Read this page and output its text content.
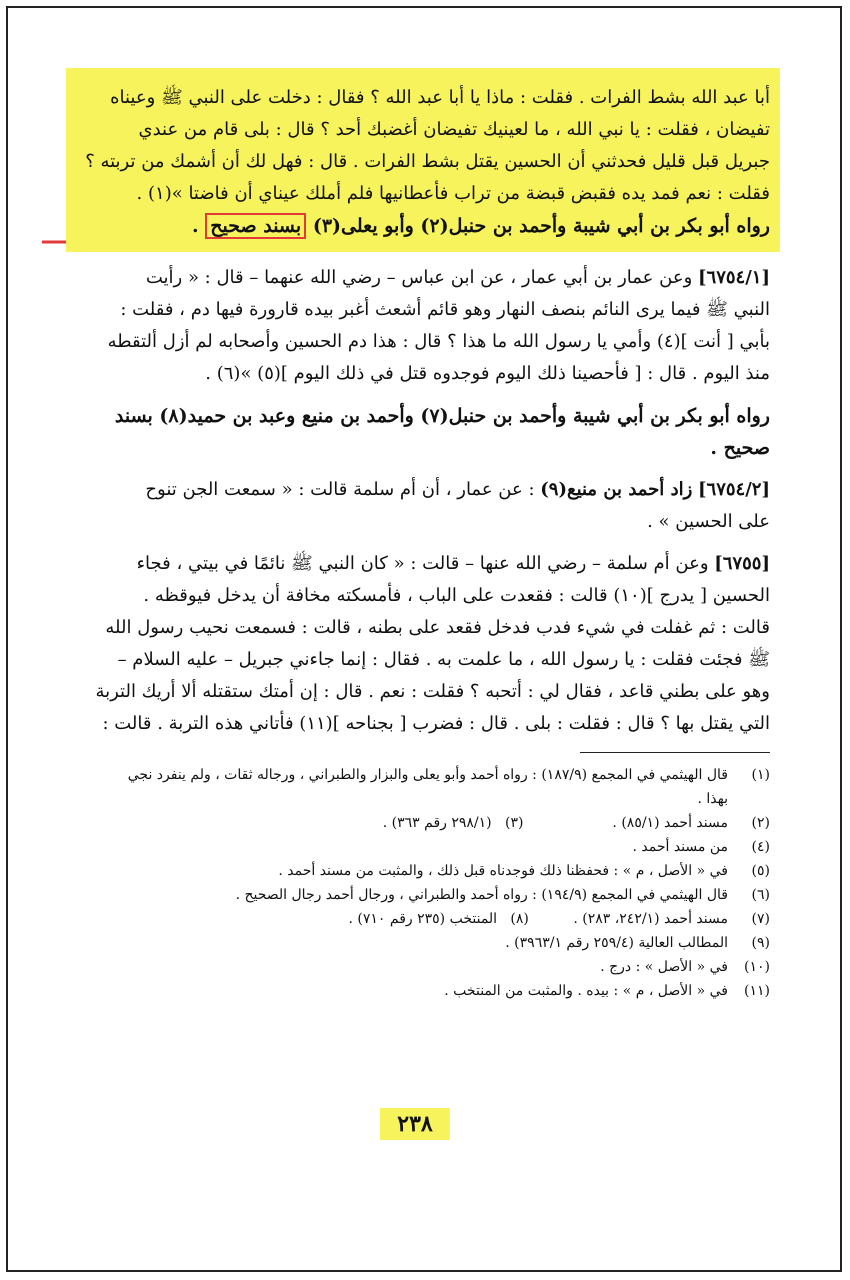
أبا عبد الله بشط الفرات . فقلت : ماذا يا أبا عبد الله ؟ فقال : دخلت على النبي ﷺ وعيناه

تفيضان ، فقلت : يا نبي الله ، ما لعينيك تفيضان أغضبك أحد ؟ قال : بلى قام من عندي

جبريل قبل قليل فحدثني أن الحسين يقتل بشط الفرات . قال : فهل لك أن أشمك من تربته ؟

فقلت : نعم فمد يده فقبض قبضة من تراب فأعطانيها فلم أملك عيناي أن فاضتا »(١) .

رواه أبو بكر بن أبي شيبة وأحمد بن حنبل(٢) وأبو يعلى(٣) بسند صحيح .

[٦٧٥٤/١] وعن عمار بن أبي عمار ، عن ابن عباس – رضي الله عنهما – قال : « رأيت

النبي ﷺ فيما يرى النائم بنصف النهار وهو قائم أشعث أغبر بيده قارورة فيها دم ، فقلت :

بأبي [ أنت ](٤) وأمي يا رسول الله ما هذا ؟ قال : هذا دم الحسين وأصحابه لم أزل ألتقطه

منذ اليوم . قال : [ فأحصينا ذلك اليوم فوجدوه قتل في ذلك اليوم ](٥) »(٦) .

رواه أبو بكر بن أبي شيبة وأحمد بن حنبل(٧) وأحمد بن منيع وعبد بن حميد(٨) بسند

صحيح .

[٦٧٥٤/٢] زاد أحمد بن منيع(٩) : عن عمار ، أن أم سلمة قالت : « سمعت الجن تنوح

على الحسين » .

[٦٧٥٥] وعن أم سلمة – رضي الله عنها – قالت : « كان النبي ﷺ نائمًا في بيتي ، فجاء

الحسين [ يدرج ](١٠) قالت : فقعدت على الباب ، فأمسكته مخافة أن يدخل فيوقظه .

قالت : ثم غفلت في شيء فدب فدخل فقعد على بطنه ، قالت : فسمعت نحيب رسول الله

ﷺ فجئت فقلت : يا رسول الله ، ما علمت به . فقال : إنما جاءني جبريل – عليه السلام –

وهو على بطني قاعد ، فقال لي : أتحبه ؟ فقلت : نعم . قال : إن أمتك ستقتله ألا أريك التربة

التي يقتل بها ؟ قال : فقلت : بلى . قال : فضرب [ بجناحه ](١١) فأتاني هذه التربة . قالت :

(١)قال الهيثمي في المجمع (١٨٧/٩) : رواه أحمد وأبو يعلى والبزار والطبراني ، ورجاله ثقات ، ولم ينفرد نجي
بهذا .
(٢)مسند أحمد (٨٥/١) .                    (٣)   (٢٩٨/١ رقم ٣٦٣) .
(٤)من مسند أحمد .
(٥)في « الأصل ، م » : فحفظنا ذلك فوجدناه قبل ذلك ، والمثبت من مسند أحمد .
(٦)قال الهيثمي في المجمع (١٩٤/٩) : رواه أحمد والطبراني ، ورجال أحمد رجال الصحيح .
(٧)مسند أحمد (٢٤٢/١، ٢٨٣) .          (٨)   المنتخب (٢٣٥ رقم ٧١٠) .
(٩)المطالب العالية (٢٥٩/٤ رقم ٣٩٦٣/١) .
(١٠)في « الأصل » : درج .
(١١)في « الأصل ، م » : بيده . والمثبت من المنتخب .
٢٣٨
